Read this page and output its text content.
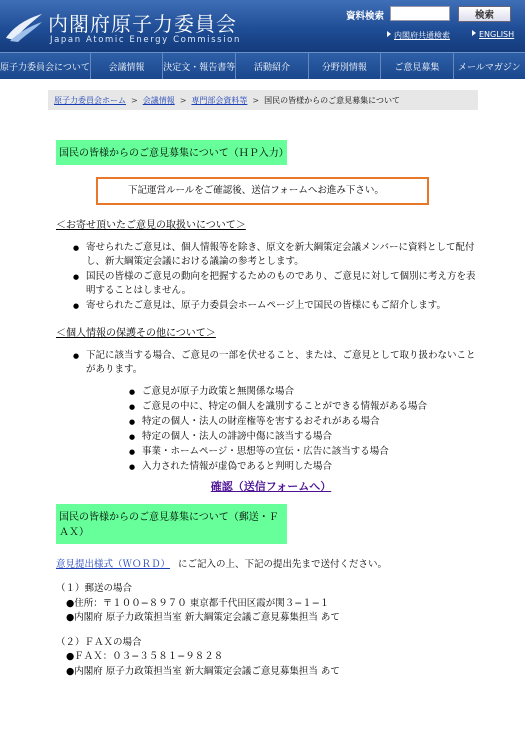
内閣府原子力委員会
Japan Atomic Energy Commission
資料検索	検索
内閣府共通検索	ENGLISH
原子力委員会について	会議情報	決定文・報告書等	活動紹介	分野別情報	ご意見募集	メールマガジン
原子力委員会ホーム > 会議情報 > 専門部会資料等 > 国民の皆様からのご意見募集について
国民の皆様からのご意見募集について（ＨＰ入力）
下記運営ルールをご確認後、送信フォームへお進み下さい。
＜お寄せ頂いたご意見の取扱いについて＞
● 寄せられたご意見は、個人情報等を除き、原文を新大綱策定会議メンバーに資料として配付し、新大綱策定会議における議論の参考とします。
● 国民の皆様のご意見の動向を把握するためのものであり、ご意見に対して個別に考え方を表明することはしません。
● 寄せられたご意見は、原子力委員会ホームページ上で国民の皆様にもご紹介します。
＜個人情報の保護その他について＞
● 下記に該当する場合、ご意見の一部を伏せること、または、ご意見として取り扱わないことがあります。
● ご意見が原子力政策と無関係な場合
● ご意見の中に、特定の個人を識別することができる情報がある場合
● 特定の個人・法人の財産権等を害するおそれがある場合
● 特定の個人・法人の誹謗中傷に該当する場合
● 事業・ホームページ・思想等の宣伝・広告に該当する場合
● 入力された情報が虚偽であると判明した場合
確認（送信フォームへ）
国民の皆様からのご意見募集について（郵送・ＦＡＸ）
意見提出様式（ＷＯＲＤ） にご記入の上、下記の提出先まで送付ください。
（１）郵送の場合
●住所：〒１００−８９７０ 東京都千代田区霞が関３−１−１
●内閣府 原子力政策担当室 新大綱策定会議ご意見募集担当 あて
（２）ＦＡＸの場合
●ＦＡＸ：０３−３５８１−９８２８
●内閣府 原子力政策担当室 新大綱策定会議ご意見募集担当 あて
